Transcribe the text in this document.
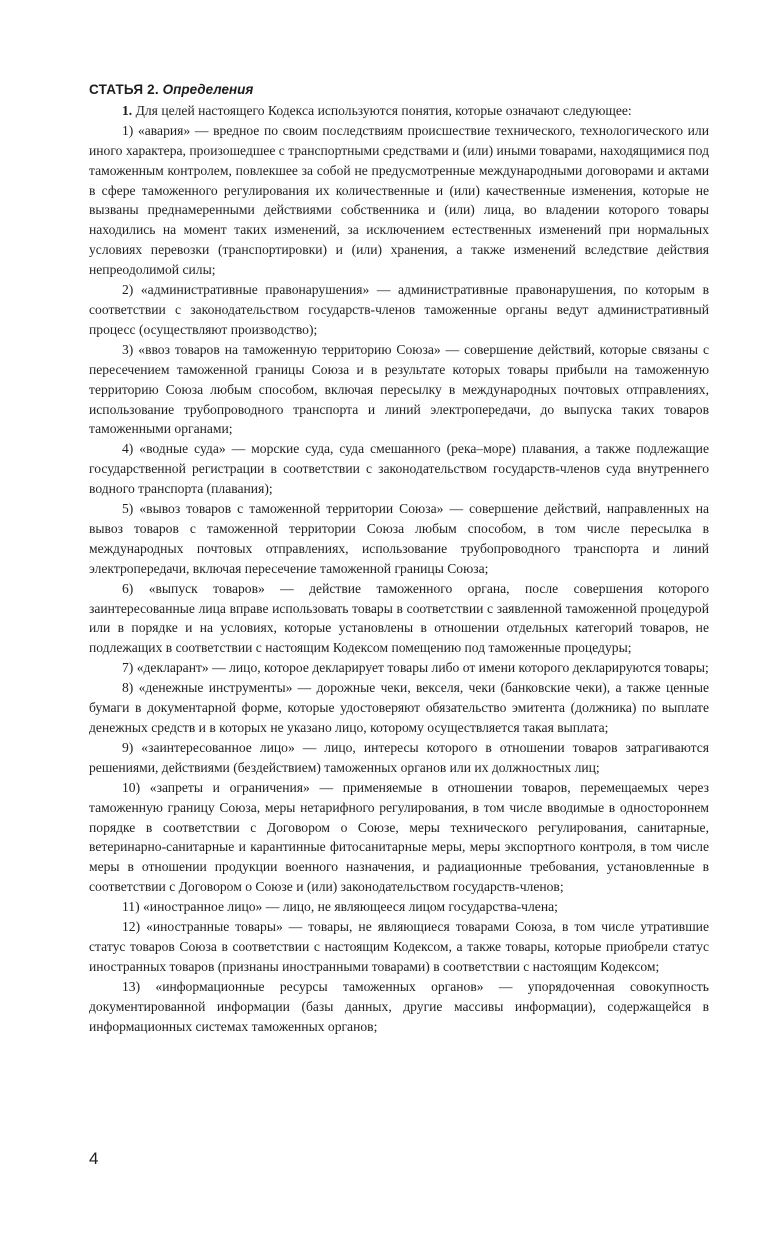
СТАТЬЯ 2. Определения

1. Для целей настоящего Кодекса используются понятия, которые означают следующее:

1) «авария» — вредное по своим последствиям происшествие технического, технологического или иного характера, произошедшее с транспортными средствами и (или) иными товарами, находящимися под таможенным контролем, повлекшее за собой не предусмотренные международными договорами и актами в сфере таможенного регулирования их количественные и (или) качественные изменения, которые не вызваны преднамеренными действиями собственника и (или) лица, во владении которого товары находились на момент таких изменений, за исключением естественных изменений при нормальных условиях перевозки (транспортировки) и (или) хранения, а также изменений вследствие действия непреодолимой силы;

2) «административные правонарушения» — административные правонарушения, по которым в соответствии с законодательством государств-членов таможенные органы ведут административный процесс (осуществляют производство);

3) «ввоз товаров на таможенную территорию Союза» — совершение действий, которые связаны с пересечением таможенной границы Союза и в результате которых товары прибыли на таможенную территорию Союза любым способом, включая пересылку в международных почтовых отправлениях, использование трубопроводного транспорта и линий электропередачи, до выпуска таких товаров таможенными органами;

4) «водные суда» — морские суда, суда смешанного (река–море) плавания, а также подлежащие государственной регистрации в соответствии с законодательством государств-членов суда внутреннего водного транспорта (плавания);

5) «вывоз товаров с таможенной территории Союза» — совершение действий, направленных на вывоз товаров с таможенной территории Союза любым способом, в том числе пересылка в международных почтовых отправлениях, использование трубопроводного транспорта и линий электропередачи, включая пересечение таможенной границы Союза;

6) «выпуск товаров» — действие таможенного органа, после совершения которого заинтересованные лица вправе использовать товары в соответствии с заявленной таможенной процедурой или в порядке и на условиях, которые установлены в отношении отдельных категорий товаров, не подлежащих в соответствии с настоящим Кодексом помещению под таможенные процедуры;

7) «декларант» — лицо, которое декларирует товары либо от имени которого декларируются товары;

8) «денежные инструменты» — дорожные чеки, векселя, чеки (банковские чеки), а также ценные бумаги в документарной форме, которые удостоверяют обязательство эмитента (должника) по выплате денежных средств и в которых не указано лицо, которому осуществляется такая выплата;

9) «заинтересованное лицо» — лицо, интересы которого в отношении товаров затрагиваются решениями, действиями (бездействием) таможенных органов или их должностных лиц;

10) «запреты и ограничения» — применяемые в отношении товаров, перемещаемых через таможенную границу Союза, меры нетарифного регулирования, в том числе вводимые в одностороннем порядке в соответствии с Договором о Союзе, меры технического регулирования, санитарные, ветеринарно-санитарные и карантинные фитосанитарные меры, меры экспортного контроля, в том числе меры в отношении продукции военного назначения, и радиационные требования, установленные в соответствии с Договором о Союзе и (или) законодательством государств-членов;

11) «иностранное лицо» — лицо, не являющееся лицом государства-члена;

12) «иностранные товары» — товары, не являющиеся товарами Союза, в том числе утратившие статус товаров Союза в соответствии с настоящим Кодексом, а также товары, которые приобрели статус иностранных товаров (признаны иностранными товарами) в соответствии с настоящим Кодексом;

13) «информационные ресурсы таможенных органов» — упорядоченная совокупность документированной информации (базы данных, другие массивы информации), содержащейся в информационных системах таможенных органов;

4
